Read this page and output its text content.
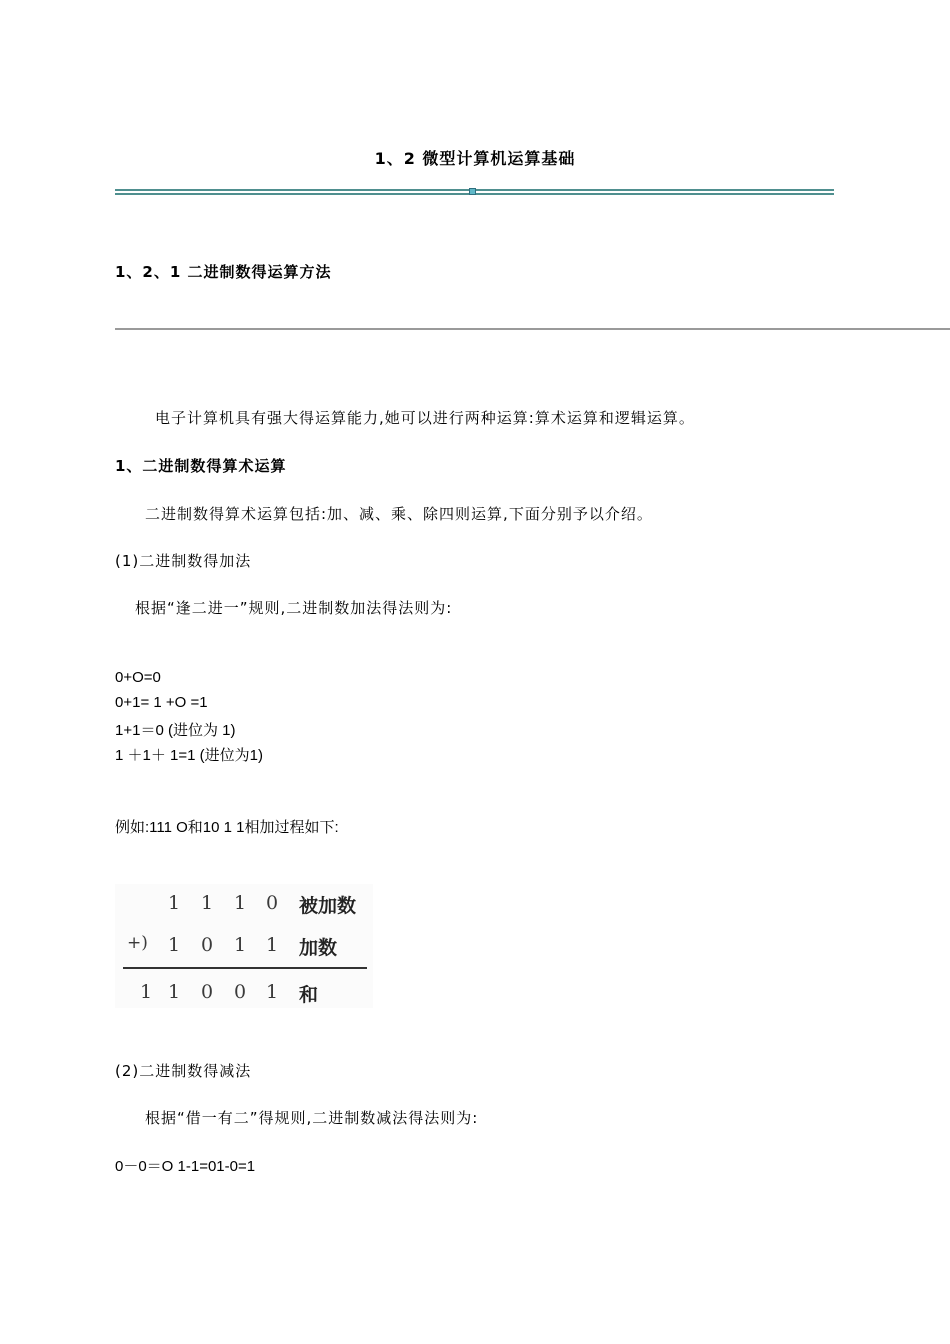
1、2 微型计算机运算基础
1、2、1 二进制数得运算方法
电子计算机具有强大得运算能力,她可以进行两种运算:算术运算和逻辑运算。
1、二进制数得算术运算
二进制数得算术运算包括:加、减、乘、除四则运算,下面分别予以介绍。
(1)二进制数得加法
根据“逢二进一”规则,二进制数加法得法则为:
0+O=0
0+1= 1 +O =1
1+1＝0 (进位为 1)
1 ＋1＋ 1=1 (进位为1)
例如:111 O和10 1 1相加过程如下:
1 1 1 0 被加数
+) 1 0 1 1 加数
1 1 0 0 1 和
(2)二进制数得减法
根据“借一有二”得规则,二进制数减法得法则为:
0－0＝O 1-1=01-0=1
